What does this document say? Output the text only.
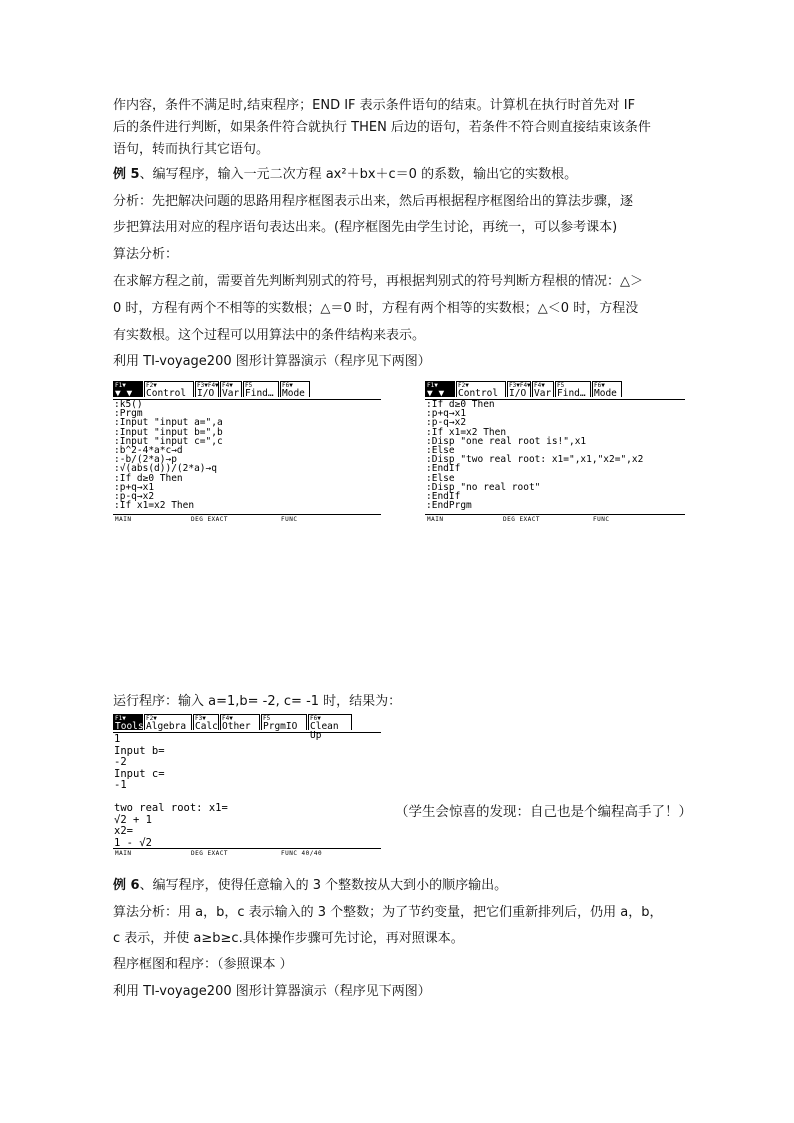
作内容，条件不满足时,结束程序；END IF 表示条件语句的结束。计算机在执行时首先对 IF
后的条件进行判断，如果条件符合就执行 THEN 后边的语句，若条件不符合则直接结束该条件
语句，转而执行其它语句。
例 5、编写程序，输入一元二次方程 ax²＋bx＋c＝0 的系数，输出它的实数根。
分析：先把解决问题的思路用程序框图表示出来，然后再根据程序框图给出的算法步骤，逐
步把算法用对应的程序语句表达出来。(程序框图先由学生讨论，再统一，可以参考课本)
算法分析：
在求解方程之前，需要首先判断判别式的符号，再根据判别式的符号判断方程根的情况：△＞
0 时，方程有两个不相等的实数根；△＝0 时，方程有两个相等的实数根；△＜0 时，方程没
有实数根。这个过程可以用算法中的条件结构来表示。
利用 TI-voyage200 图形计算器演示（程序见下两图）
F1▼
▼ ▼
F2▼
Control
F3▼F4▼
I/O
F4▼
Var
F5
Find…
F6▼
Mode
:k5()
:Prgm
:Input "input a=",a
:Input "input b=",b
:Input "input c=",c
:b^2-4*a*c→d
:-b/(2*a)→p
:√(abs(d))/(2*a)→q
:If d≥0 Then
:p+q→x1
:p-q→x2
:If x1=x2 Then
MAIN	DEG EXACT	FUNC
F1▼
▼ ▼
F2▼
Control
F3▼F4▼
I/O
F4▼
Var
F5
Find…
F6▼
Mode
:If d≥0 Then
:p+q→x1
:p-q→x2
:If x1=x2 Then
:Disp "one real root is!",x1
:Else
:Disp "two real root: x1=",x1,"x2=",x2
:EndIf
:Else
:Disp "no real root"
:EndIf
:EndPrgm
MAIN	DEG EXACT	FUNC
运行程序：输入 a=1,b= -2, c= -1 时，结果为：
F1▼
Tools
F2▼
Algebra
F3▼
Calc
F4▼
Other
F5
PrgmIO
F6▼
Clean Up
1
Input b=
-2
Input c=
-1

two real root: x1=
√2 + 1
x2=
1 - √2
MAIN	DEG EXACT	FUNC 40/40
（学生会惊喜的发现：自己也是个编程高手了！）
例 6、编写程序，使得任意输入的 3 个整数按从大到小的顺序输出。
算法分析：用 a，b，c 表示输入的 3 个整数；为了节约变量，把它们重新排列后，仍用 a，b，
c 表示，并使 a≥b≥c.具体操作步骤可先讨论，再对照课本。
程序框图和程序：（参照课本 ）
利用 TI-voyage200 图形计算器演示（程序见下两图）
